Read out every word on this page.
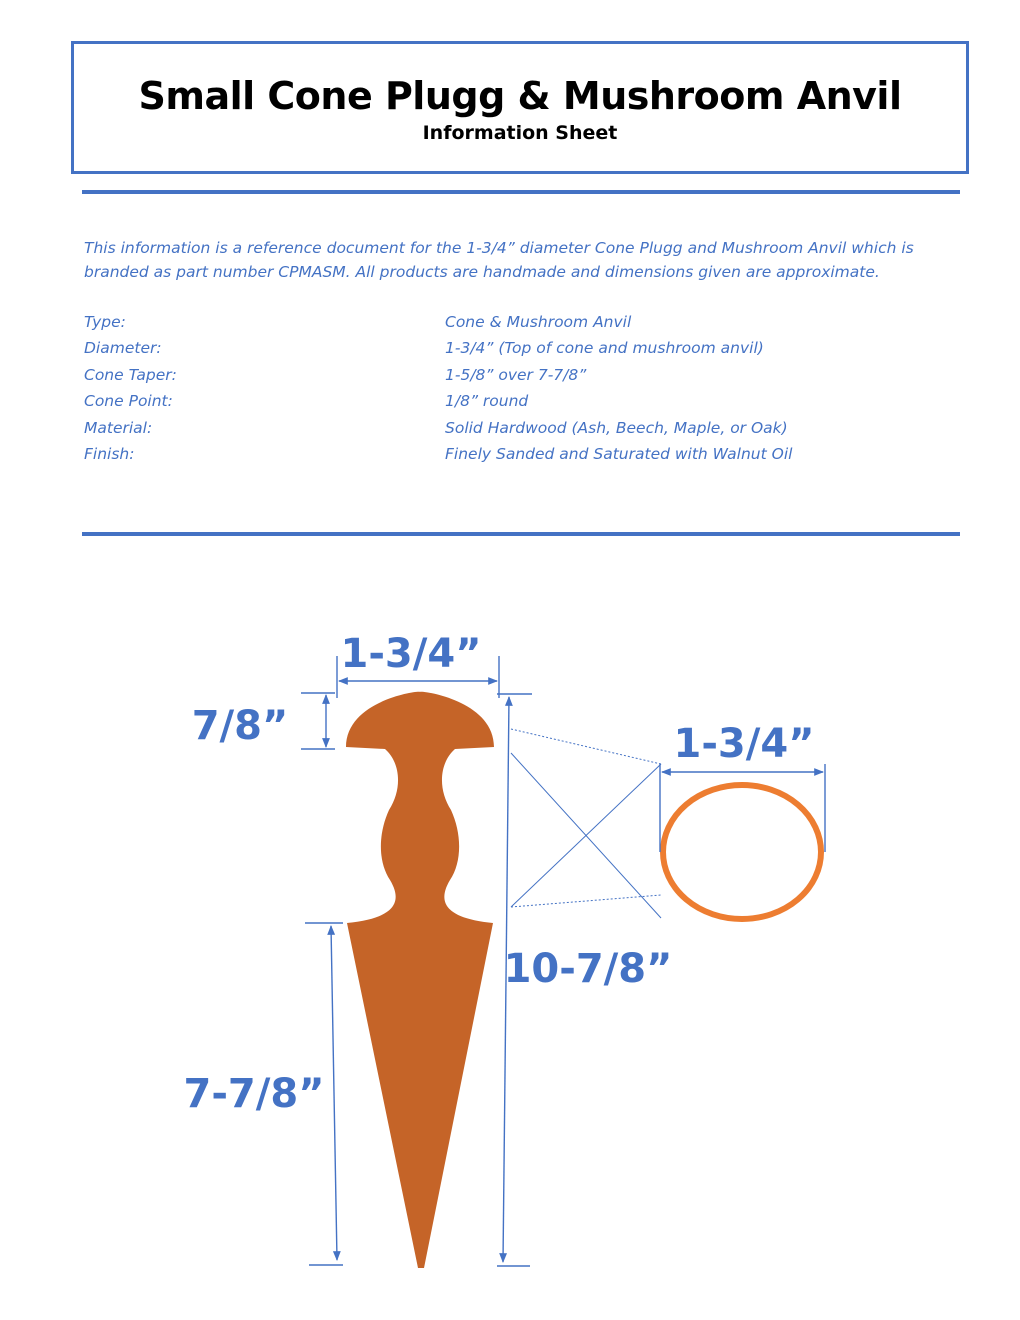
Small Cone Plugg & Mushroom Anvil
Information Sheet

This information is a reference document for the 1-3/4” diameter Cone Plugg and Mushroom Anvil which is branded as part number CPMASM. All products are handmade and dimensions given are approximate.

Type:	Cone & Mushroom Anvil
Diameter:	1-3/4” (Top of cone and mushroom anvil)
Cone Taper:	1-5/8” over 7-7/8”
Cone Point:	1/8” round
Material:	Solid Hardwood (Ash, Beech, Maple, or Oak)
Finish:	Finely Sanded and Saturated with Walnut Oil
1-3/4”
7/8”
10-7/8”
7-7/8”
1-3/4”
